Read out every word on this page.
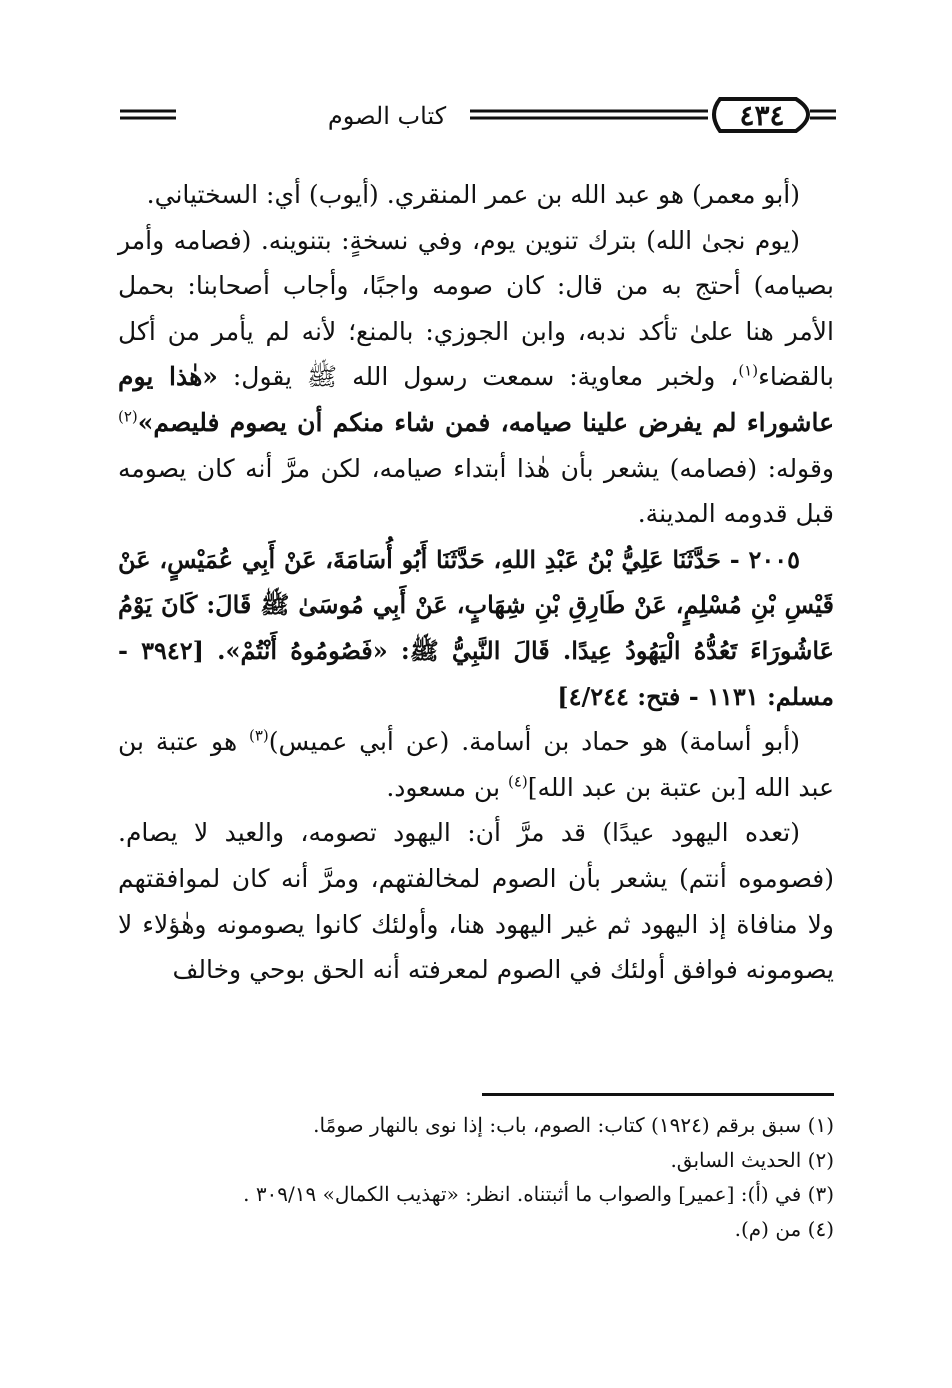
٤٣٤
كتاب الصوم

(أبو معمر) هو عبد الله بن عمر المنقري. (أيوب) أي: السختياني.

(يوم نجىٰ الله) بترك تنوين يوم، وفي نسخةٍ: بتنوينه. (فصامه وأمر بصيامه) أحتج به من قال: كان صومه واجبًا، وأجاب أصحابنا: بحمل الأمر هنا علىٰ تأكد ندبه، وابن الجوزي: بالمنع؛ لأنه لم يأمر من أكل بالقضاء$^{(١)}$، ولخبر معاوية: سمعت رسول الله ﷺ يقول: «هٰذا يوم عاشوراء لم يفرض علينا صيامه، فمن شاء منكم أن يصوم فليصم»$^{(٢)}$ وقوله: (فصامه) يشعر بأن هٰذا أبتداء صيامه، لكن مرَّ أنه كان يصومه قبل قدومه المدينة.

٢٠٠٥ - حَدَّثَنَا عَلِيُّ بْنُ عَبْدِ اللهِ، حَدَّثَنَا أَبُو أُسَامَةَ، عَنْ أَبِي عُمَيْسٍ، عَنْ قَيْسِ بْنِ مُسْلِمٍ، عَنْ طَارِقِ بْنِ شِهَابٍ، عَنْ أَبِي مُوسَىٰ ﷺ قَالَ: كَانَ يَوْمُ عَاشُورَاءَ تَعُدُّهُ الْيَهُودُ عِيدًا. قَالَ النَّبِيُّ ﷺ: «فَصُومُوهُ أَنْتُمْ». [٣٩٤٢ - مسلم: ١١٣١ - فتح: ٤/٢٤٤]

(أبو أسامة) هو حماد بن أسامة. (عن أبي عميس)$^{(٣)}$ هو عتبة بن عبد الله [بن عتبة بن عبد الله]$^{(٤)}$ بن مسعود.

(تعده اليهود عيدًا) قد مرَّ أن: اليهود تصومه، والعيد لا يصام. (فصوموه أنتم) يشعر بأن الصوم لمخالفتهم، ومرَّ أنه كان لموافقتهم ولا منافاة إذ اليهود ثم غير اليهود هنا، وأولئك كانوا يصومونه وهٰؤلاء لا يصومونه فوافق أولئك في الصوم لمعرفته أنه الحق بوحي وخالف

(١) سبق برقم (١٩٢٤) كتاب: الصوم، باب: إذا نوى بالنهار صومًا.

(٢) الحديث السابق.

(٣) في (أ): [عمير] والصواب ما أثبتناه. انظر: «تهذيب الكمال» ٣٠٩/١٩ .

(٤) من (م).
